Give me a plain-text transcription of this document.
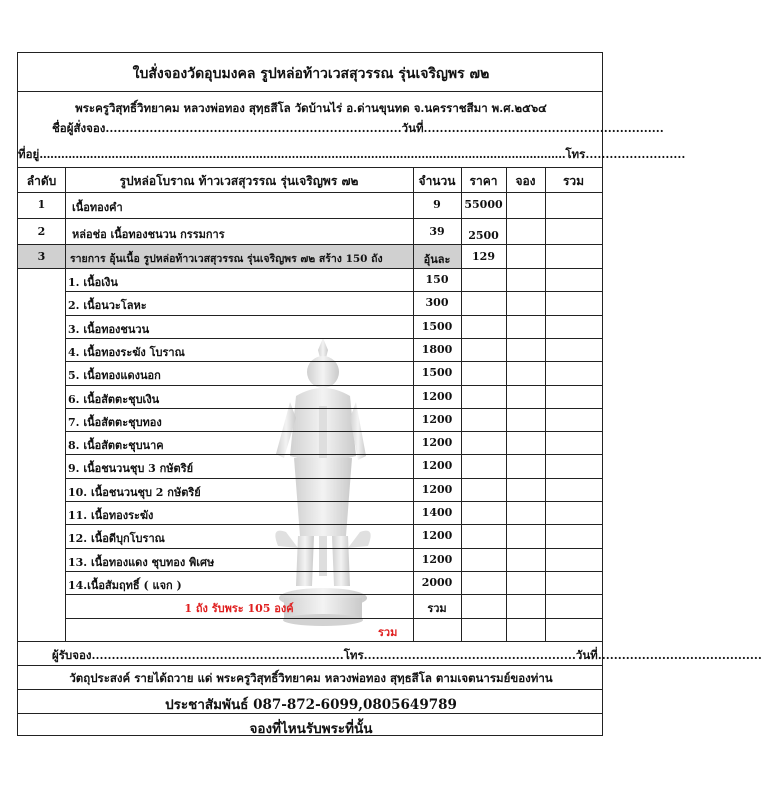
ใบสั่งจองวัดอุบมงคล รูปหล่อท้าวเวสสุวรรณ รุ่นเจริญพร ๗๒
พระครูวิสุทธิ์วิทยาคม หลวงพ่อทอง สุทฺธสีโล วัดบ้านไร่ อ.ด่านขุนทด จ.นครราชสีมา พ.ศ.๒๕๖๔
ชื่อผู้สั่งจอง..........................................................................วันที่............................................................
ที่อยู่..................................................................................................................................................โทร.........................
ลำดับ	รูปหล่อโบราณ ท้าวเวสสุวรรณ รุ่นเจริญพร ๗๒	จำนวน	ราคา	จอง	รวม
1	เนื้อทองคำ	9	55000
2	หล่อช่อ เนื้อทองชนวน กรรมการ	39	2500
3	รายการ อุ้นเนื้อ รูปหล่อท้าวเวสสุวรรณ รุ่นเจริญพร ๗๒ สร้าง 150 ถัง	อุ้นละ	129
1. เนื้อเงิน	150
2. เนื้อนวะโลหะ	300
3. เนื้อทองชนวน	1500
4. เนื้อทองระฆัง โบราณ	1800
5. เนื้อทองแดงนอก	1500
6. เนื้อสัตตะชุบเงิน	1200
7. เนื้อสัตตะชุบทอง	1200
8. เนื้อสัตตะชุบนาค	1200
9. เนื้อชนวนชุบ 3 กษัตริย์	1200
10. เนื้อชนวนชุบ 2 กษัตริย์	1200
11. เนื้อทองระฆัง	1400
12. เนื้อดีบุกโบราณ	1200
13. เนื้อทองแดง ชุบทอง พิเศษ	1200
14.เนื้อสัมฤทธิ์ ( แจก )	2000
1 ถัง รับพระ 105 องค์	รวม
รวม
ผู้รับจอง...............................................................โทร.....................................................วันที่.........................................
วัตถุประสงค์ รายได้ถวาย แด่ พระครูวิสุทธิ์วิทยาคม หลวงพ่อทอง สุทฺธสีโล ตามเจตนารมย์ของท่าน
ประชาสัมพันธ์ 087-872-6099,0805649789
จองที่ไหนรับพระที่นั้น
